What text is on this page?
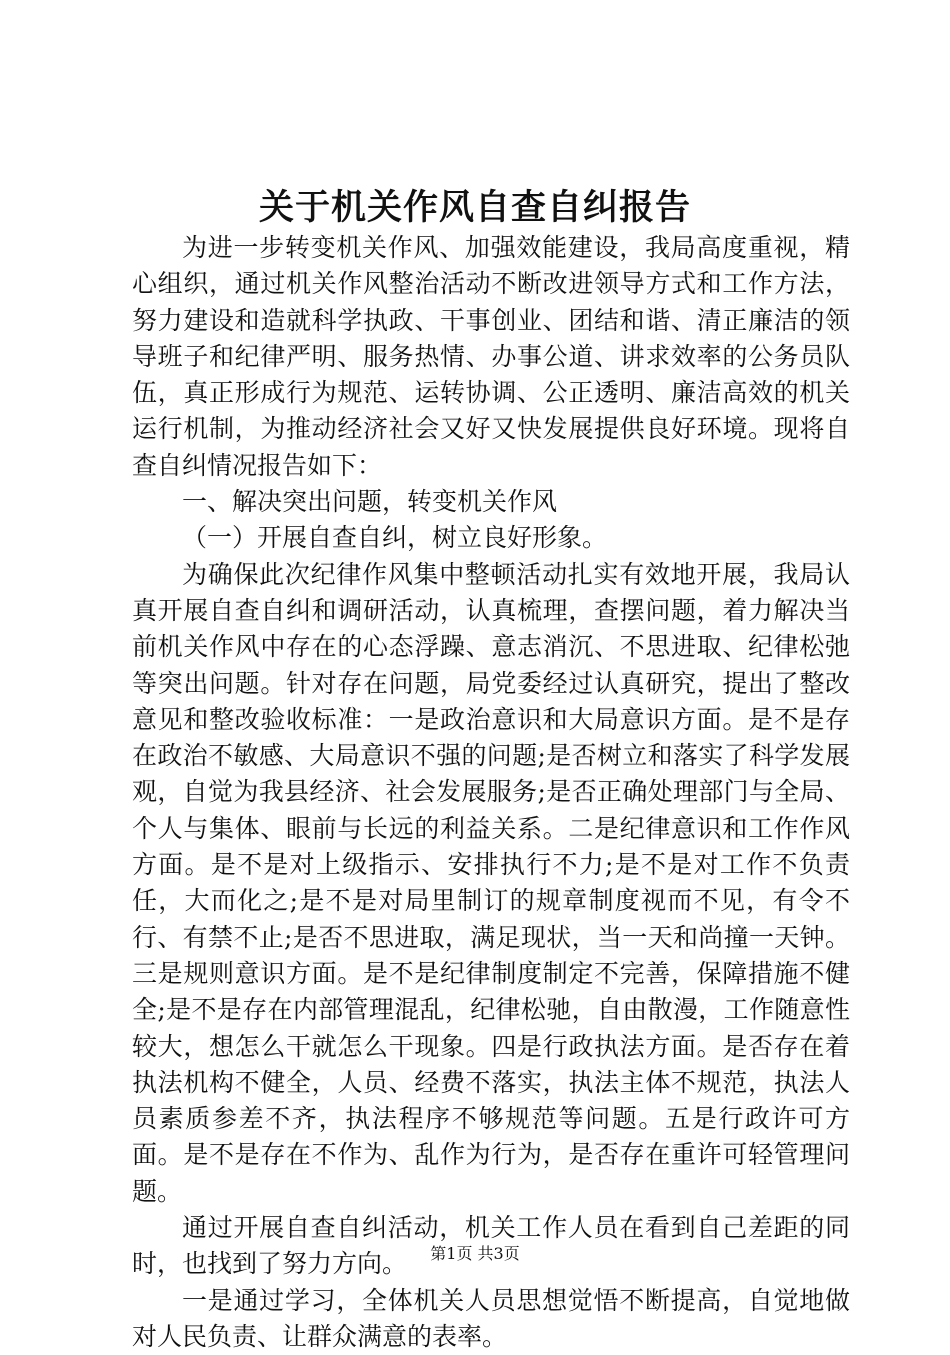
关于机关作风自查自纠报告

为进一步转变机关作风、加强效能建设，我局高度重视，精心组织，通过机关作风整治活动不断改进领导方式和工作方法，努力建设和造就科学执政、干事创业、团结和谐、清正廉洁的领导班子和纪律严明、服务热情、办事公道、讲求效率的公务员队伍，真正形成行为规范、运转协调、公正透明、廉洁高效的机关运行机制，为推动经济社会又好又快发展提供良好环境。现将自查自纠情况报告如下：

一、解决突出问题，转变机关作风

（一）开展自查自纠，树立良好形象。

为确保此次纪律作风集中整顿活动扎实有效地开展，我局认真开展自查自纠和调研活动，认真梳理，查摆问题，着力解决当前机关作风中存在的心态浮躁、意志消沉、不思进取、纪律松弛等突出问题。针对存在问题，局党委经过认真研究，提出了整改意见和整改验收标准：一是政治意识和大局意识方面。是不是存在政治不敏感、大局意识不强的问题;是否树立和落实了科学发展观，自觉为我县经济、社会发展服务;是否正确处理部门与全局、个人与集体、眼前与长远的利益关系。二是纪律意识和工作作风方面。是不是对上级指示、安排执行不力;是不是对工作不负责任，大而化之;是不是对局里制订的规章制度视而不见，有令不行、有禁不止;是否不思进取，满足现状，当一天和尚撞一天钟。三是规则意识方面。是不是纪律制度制定不完善，保障措施不健全;是不是存在内部管理混乱，纪律松驰，自由散漫，工作随意性较大，想怎么干就怎么干现象。四是行政执法方面。是否存在着执法机构不健全，人员、经费不落实，执法主体不规范，执法人员素质参差不齐，执法程序不够规范等问题。五是行政许可方面。是不是存在不作为、乱作为行为，是否存在重许可轻管理问题。

通过开展自查自纠活动，机关工作人员在看到自己差距的同时，也找到了努力方向。

一是通过学习，全体机关人员思想觉悟不断提高，自觉地做对人民负责、让群众满意的表率。

第1页 共3页
